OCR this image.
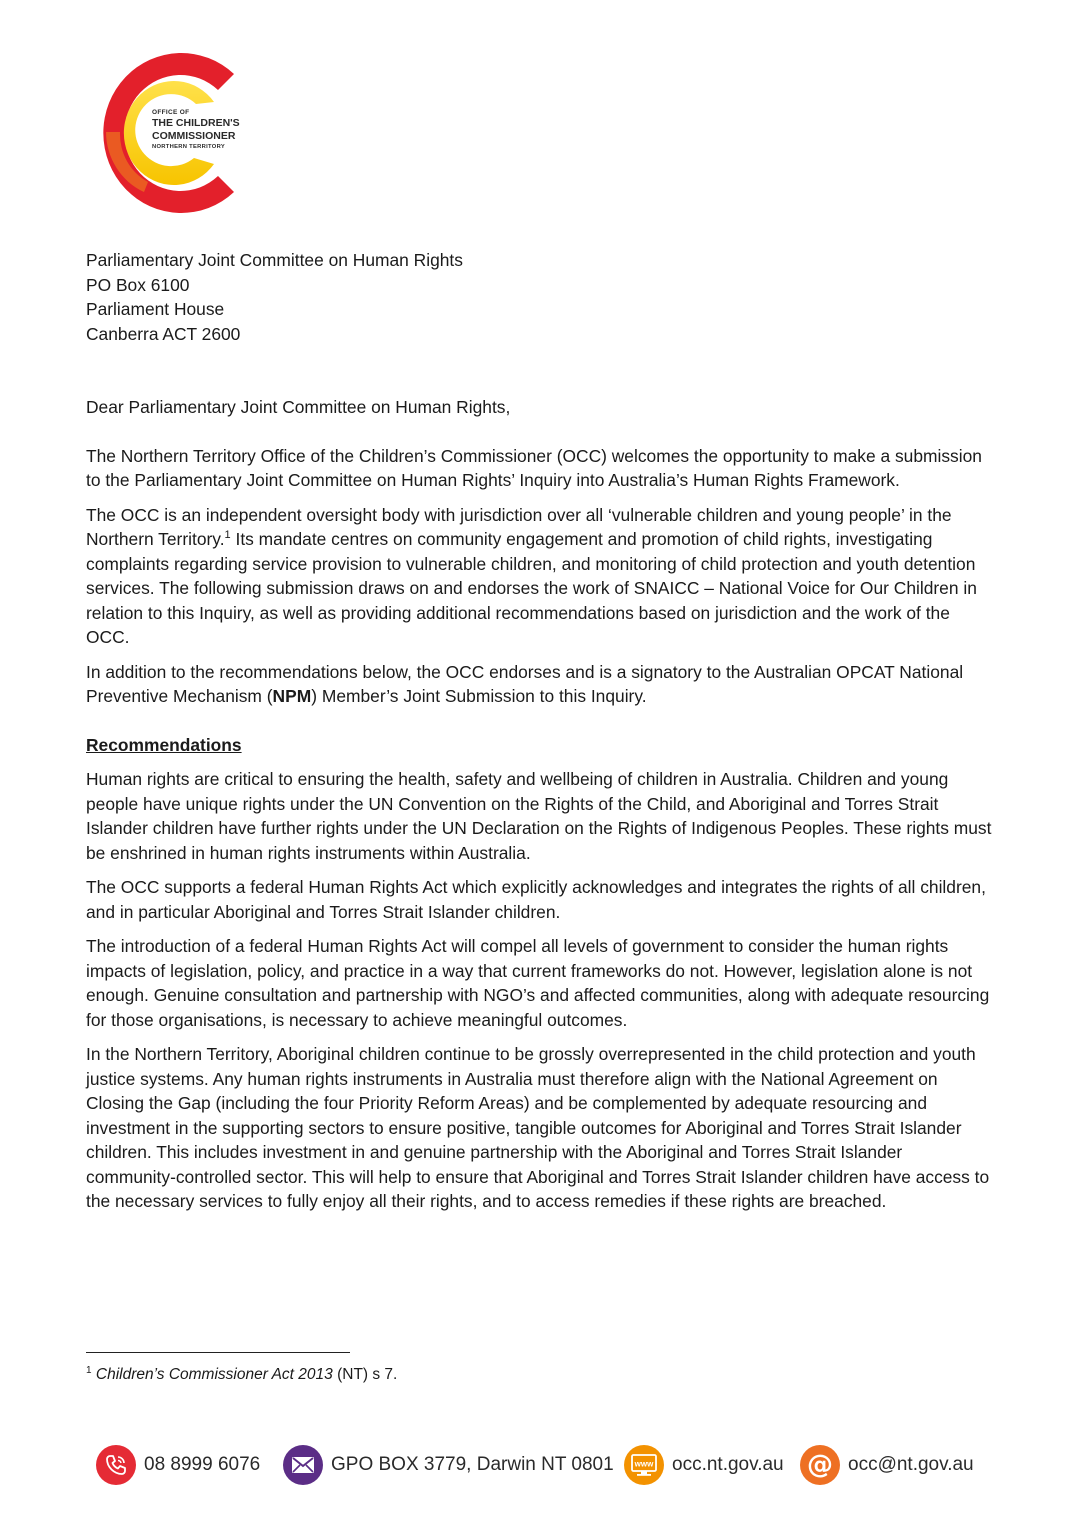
OFFICE OF
THE CHILDREN'S
COMMISSIONER
NORTHERN TERRITORY

Parliamentary Joint Committee on Human Rights

PO Box 6100

Parliament House

Canberra ACT 2600

Dear Parliamentary Joint Committee on Human Rights,

The Northern Territory Office of the Children’s Commissioner (OCC) welcomes the opportunity to make a submission to the Parliamentary Joint Committee on Human Rights’ Inquiry into Australia’s Human Rights Framework.

The OCC is an independent oversight body with jurisdiction over all ‘vulnerable children and young people’ in the Northern Territory.$^1$ Its mandate centres on community engagement and promotion of child rights, investigating complaints regarding service provision to vulnerable children, and monitoring of child protection and youth detention services. The following submission draws on and endorses the work of SNAICC – National Voice for Our Children in relation to this Inquiry, as well as providing additional recommendations based on jurisdiction and the work of the OCC.

In addition to the recommendations below, the OCC endorses and is a signatory to the Australian OPCAT National Preventive Mechanism (NPM) Member’s Joint Submission to this Inquiry.

Recommendations

Human rights are critical to ensuring the health, safety and wellbeing of children in Australia. Children and young people have unique rights under the UN Convention on the Rights of the Child, and Aboriginal and Torres Strait Islander children have further rights under the UN Declaration on the Rights of Indigenous Peoples. These rights must be enshrined in human rights instruments within Australia.

The OCC supports a federal Human Rights Act which explicitly acknowledges and integrates the rights of all children, and in particular Aboriginal and Torres Strait Islander children.

The introduction of a federal Human Rights Act will compel all levels of government to consider the human rights impacts of legislation, policy, and practice in a way that current frameworks do not. However, legislation alone is not enough. Genuine consultation and partnership with NGO’s and affected communities, along with adequate resourcing for those organisations, is necessary to achieve meaningful outcomes.

In the Northern Territory, Aboriginal children continue to be grossly overrepresented in the child protection and youth justice systems. Any human rights instruments in Australia must therefore align with the National Agreement on Closing the Gap (including the four Priority Reform Areas) and be complemented by adequate resourcing and investment in the supporting sectors to ensure positive, tangible outcomes for Aboriginal and Torres Strait Islander children. This includes investment in and genuine partnership with the Aboriginal and Torres Strait Islander community-controlled sector. This will help to ensure that Aboriginal and Torres Strait Islander children have access to the necessary services to fully enjoy all their rights, and to access remedies if these rights are breached.

$^1$ Children’s Commissioner Act 2013 (NT) s 7.
08 8999 6076	GPO BOX 3779, Darwin NT 0801	www occ.nt.gov.au @ occ@nt.gov.au
